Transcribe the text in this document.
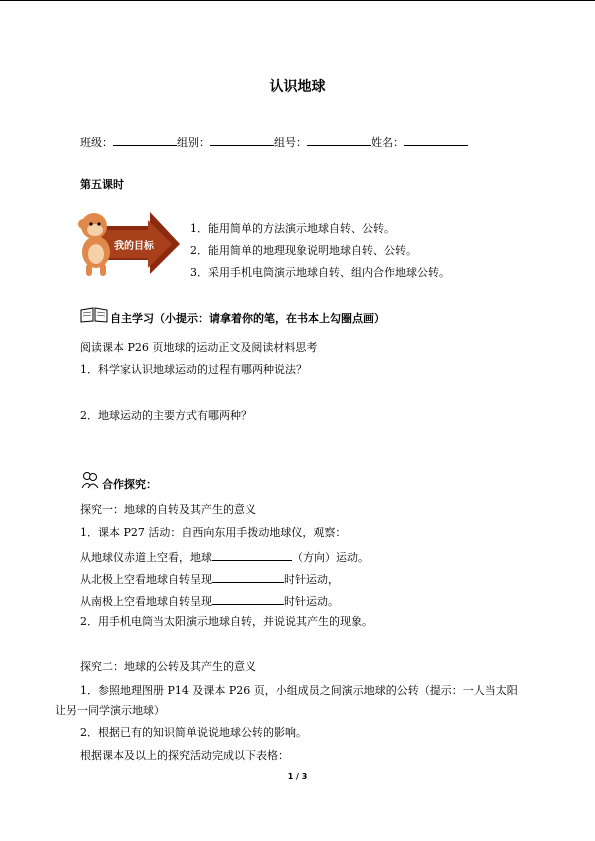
认识地球
班级：	组别：	组号：	姓名：
第五课时
我的目标
1．能用简单的方法演示地球自转、公转。
2．能用简单的地理现象说明地球自转、公转。
3．采用手机电筒演示地球自转、组内合作地球公转。
自主学习（小提示：请拿着你的笔，在书本上勾圈点画）
阅读课本 P26 页地球的运动正文及阅读材料思考
1．科学家认识地球运动的过程有哪两种说法？
2．地球运动的主要方式有哪两种？
合作探究：
探究一：地球的自转及其产生的意义
1．课本 P27 活动：自西向东用手拨动地球仪，观察：
从地球仪赤道上空看，地球	（方向）运动。
从北极上空看地球自转呈现	时针运动，
从南极上空看地球自转呈现	时针运动。
2．用手机电筒当太阳演示地球自转，并说说其产生的现象。
探究二：地球的公转及其产生的意义
1．参照地理图册 P14 及课本 P26 页，小组成员之间演示地球的公转（提示：一人当太阳
让另一同学演示地球）
2．根据已有的知识简单说说地球公转的影响。
根据课本及以上的探究活动完成以下表格：
1 / 3
